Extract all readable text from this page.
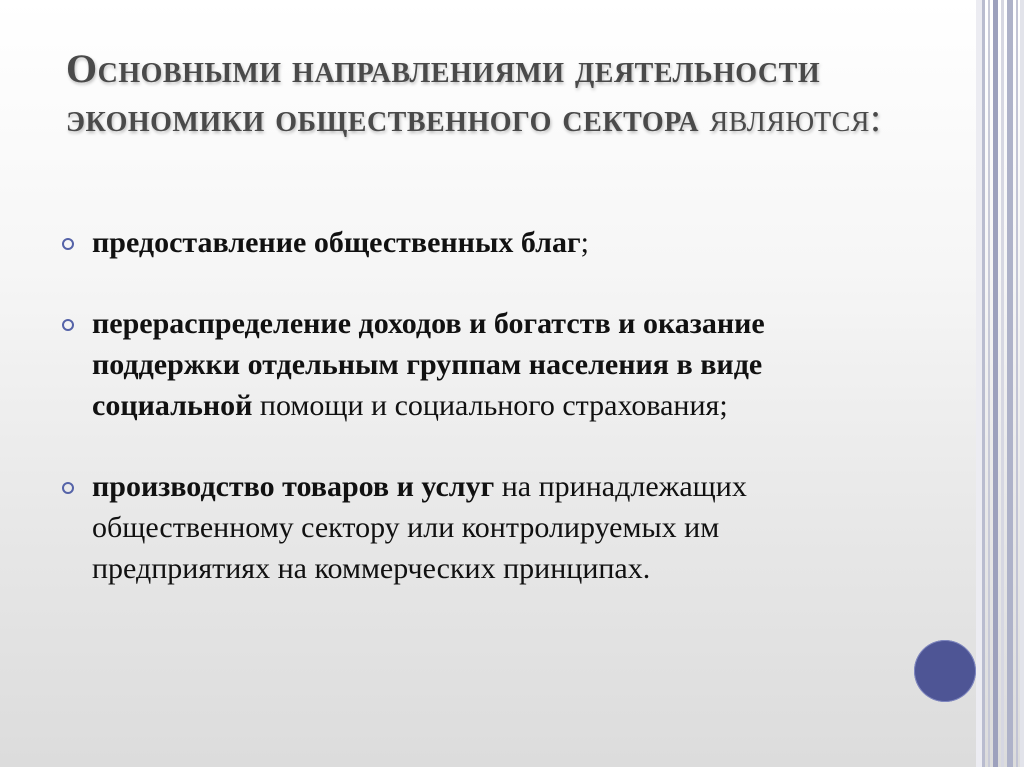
Основными направлениями деятельности экономики общественного сектора являются:
предоставление общественных благ;
перераспределение доходов и богатств и оказание поддержки отдельным группам населения в виде социальной помощи и социального страхования;
производство товаров и услуг на принадлежащих общественному сектору или контролируемых им предприятиях на коммерческих принципах.
